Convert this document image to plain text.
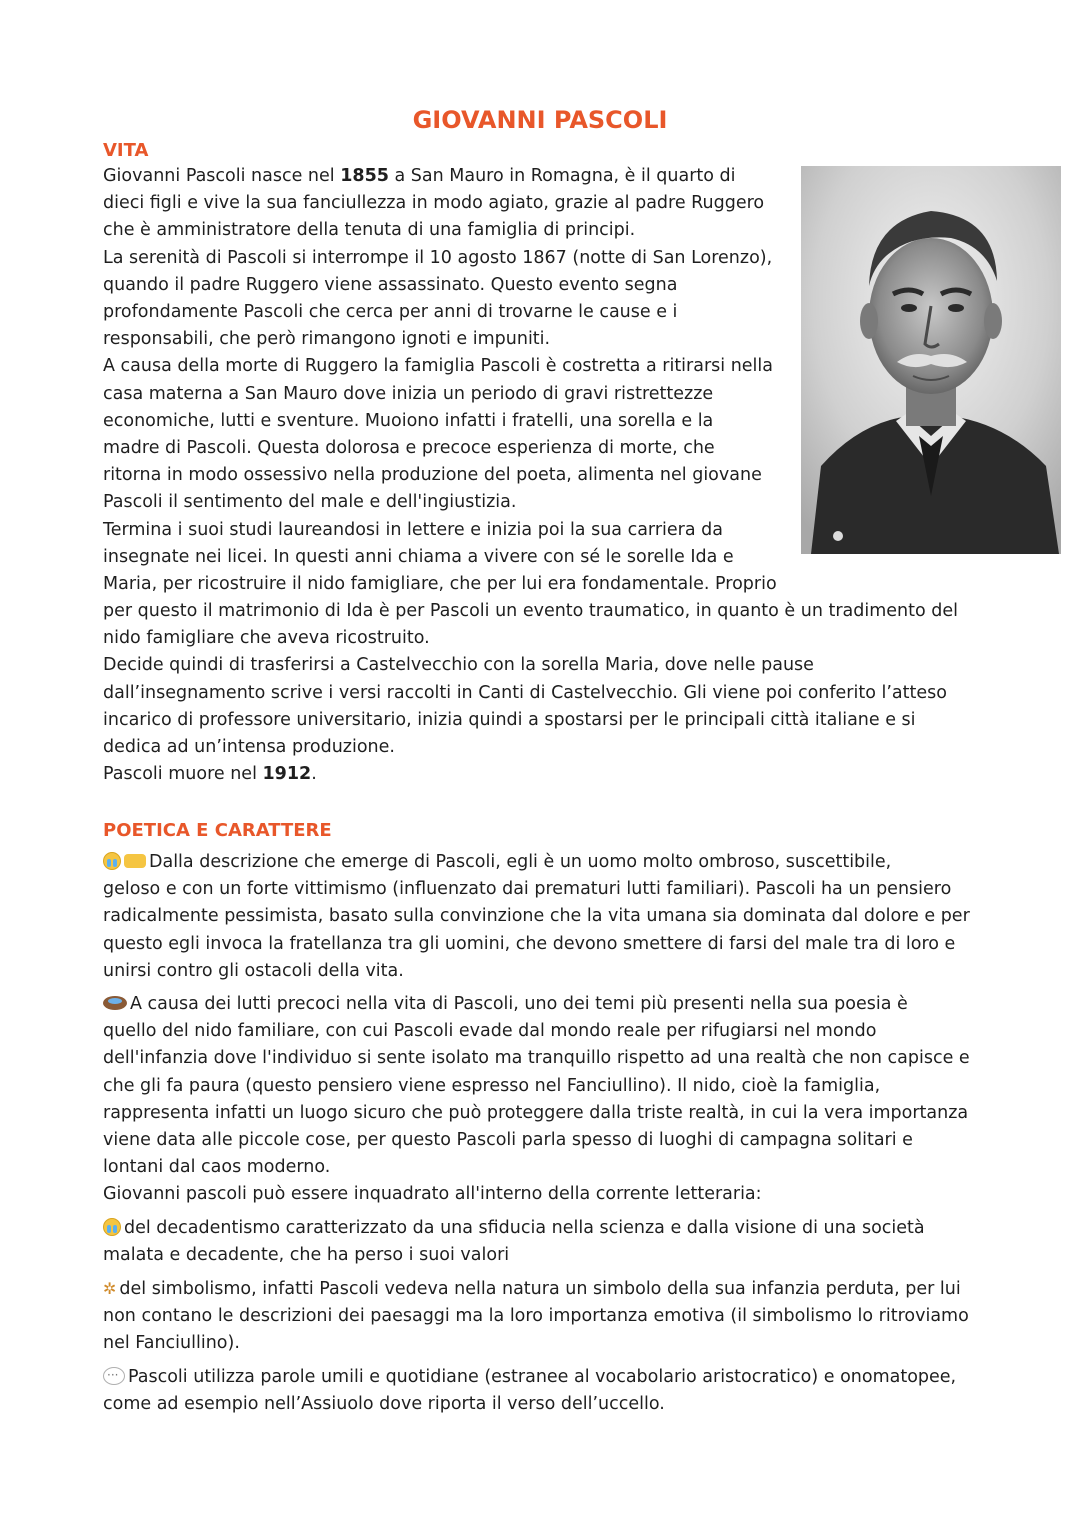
GIOVANNI PASCOLI
VITA

Giovanni Pascoli nasce nel 1855 a San Mauro in Romagna, è il quarto di

dieci figli e vive la sua fanciullezza in modo agiato, grazie al padre Ruggero

che è amministratore della tenuta di una famiglia di principi.

La serenità di Pascoli si interrompe il 10 agosto 1867 (notte di San Lorenzo),

quando il padre Ruggero viene assassinato. Questo evento segna

profondamente Pascoli che cerca per anni di trovarne le cause e i

responsabili, che però rimangono ignoti e impuniti.

A causa della morte di Ruggero la famiglia Pascoli è costretta a ritirarsi nella

casa materna a San Mauro dove inizia un periodo di gravi ristrettezze

economiche, lutti e sventure. Muoiono infatti i fratelli, una sorella e la

madre di Pascoli. Questa dolorosa e precoce esperienza di morte, che

ritorna in modo ossessivo nella produzione del poeta, alimenta nel giovane

Pascoli il sentimento del male e dell'ingiustizia.

Termina i suoi studi laureandosi in lettere e inizia poi la sua carriera da

insegnate nei licei. In questi anni chiama a vivere con sé le sorelle Ida e

Maria, per ricostruire il nido famigliare, che per lui era fondamentale. Proprio

per questo il matrimonio di Ida è per Pascoli un evento traumatico, in quanto è un tradimento del

nido famigliare che aveva ricostruito.

Decide quindi di trasferirsi a Castelvecchio con la sorella Maria, dove nelle pause

dall’insegnamento scrive i versi raccolti in Canti di Castelvecchio. Gli viene poi conferito l’atteso

incarico di professore universitario, inizia quindi a spostarsi per le principali città italiane e si

dedica ad un’intensa produzione.

Pascoli muore nel 1912.

POETICA E CARATTERE

Dalla descrizione che emerge di Pascoli, egli è un uomo molto ombroso, suscettibile,

geloso e con un forte vittimismo (influenzato dai prematuri lutti familiari). Pascoli ha un pensiero

radicalmente pessimista, basato sulla convinzione che la vita umana sia dominata dal dolore e per

questo egli invoca la fratellanza tra gli uomini, che devono smettere di farsi del male tra di loro e

unirsi contro gli ostacoli della vita.

A causa dei lutti precoci nella vita di Pascoli, uno dei temi più presenti nella sua poesia è

quello del nido familiare, con cui Pascoli evade dal mondo reale per rifugiarsi nel mondo

dell'infanzia dove l'individuo si sente isolato ma tranquillo rispetto ad una realtà che non capisce e

che gli fa paura (questo pensiero viene espresso nel Fanciullino). Il nido, cioè la famiglia,

rappresenta infatti un luogo sicuro che può proteggere dalla triste realtà, in cui la vera importanza

viene data alle piccole cose, per questo Pascoli parla spesso di luoghi di campagna solitari e

lontani dal caos moderno.

Giovanni pascoli può essere inquadrato all'interno della corrente letteraria:

del decadentismo caratterizzato da una sfiducia nella scienza e dalla visione di una società

malata e decadente, che ha perso i suoi valori

✲ del simbolismo, infatti Pascoli vedeva nella natura un simbolo della sua infanzia perduta, per lui

non contano le descrizioni dei paesaggi ma la loro importanza emotiva (il simbolismo lo ritroviamo

nel Fanciullino).

···Pascoli utilizza parole umili e quotidiane (estranee al vocabolario aristocratico) e onomatopee,

come ad esempio nell’Assiuolo dove riporta il verso dell’uccello.
